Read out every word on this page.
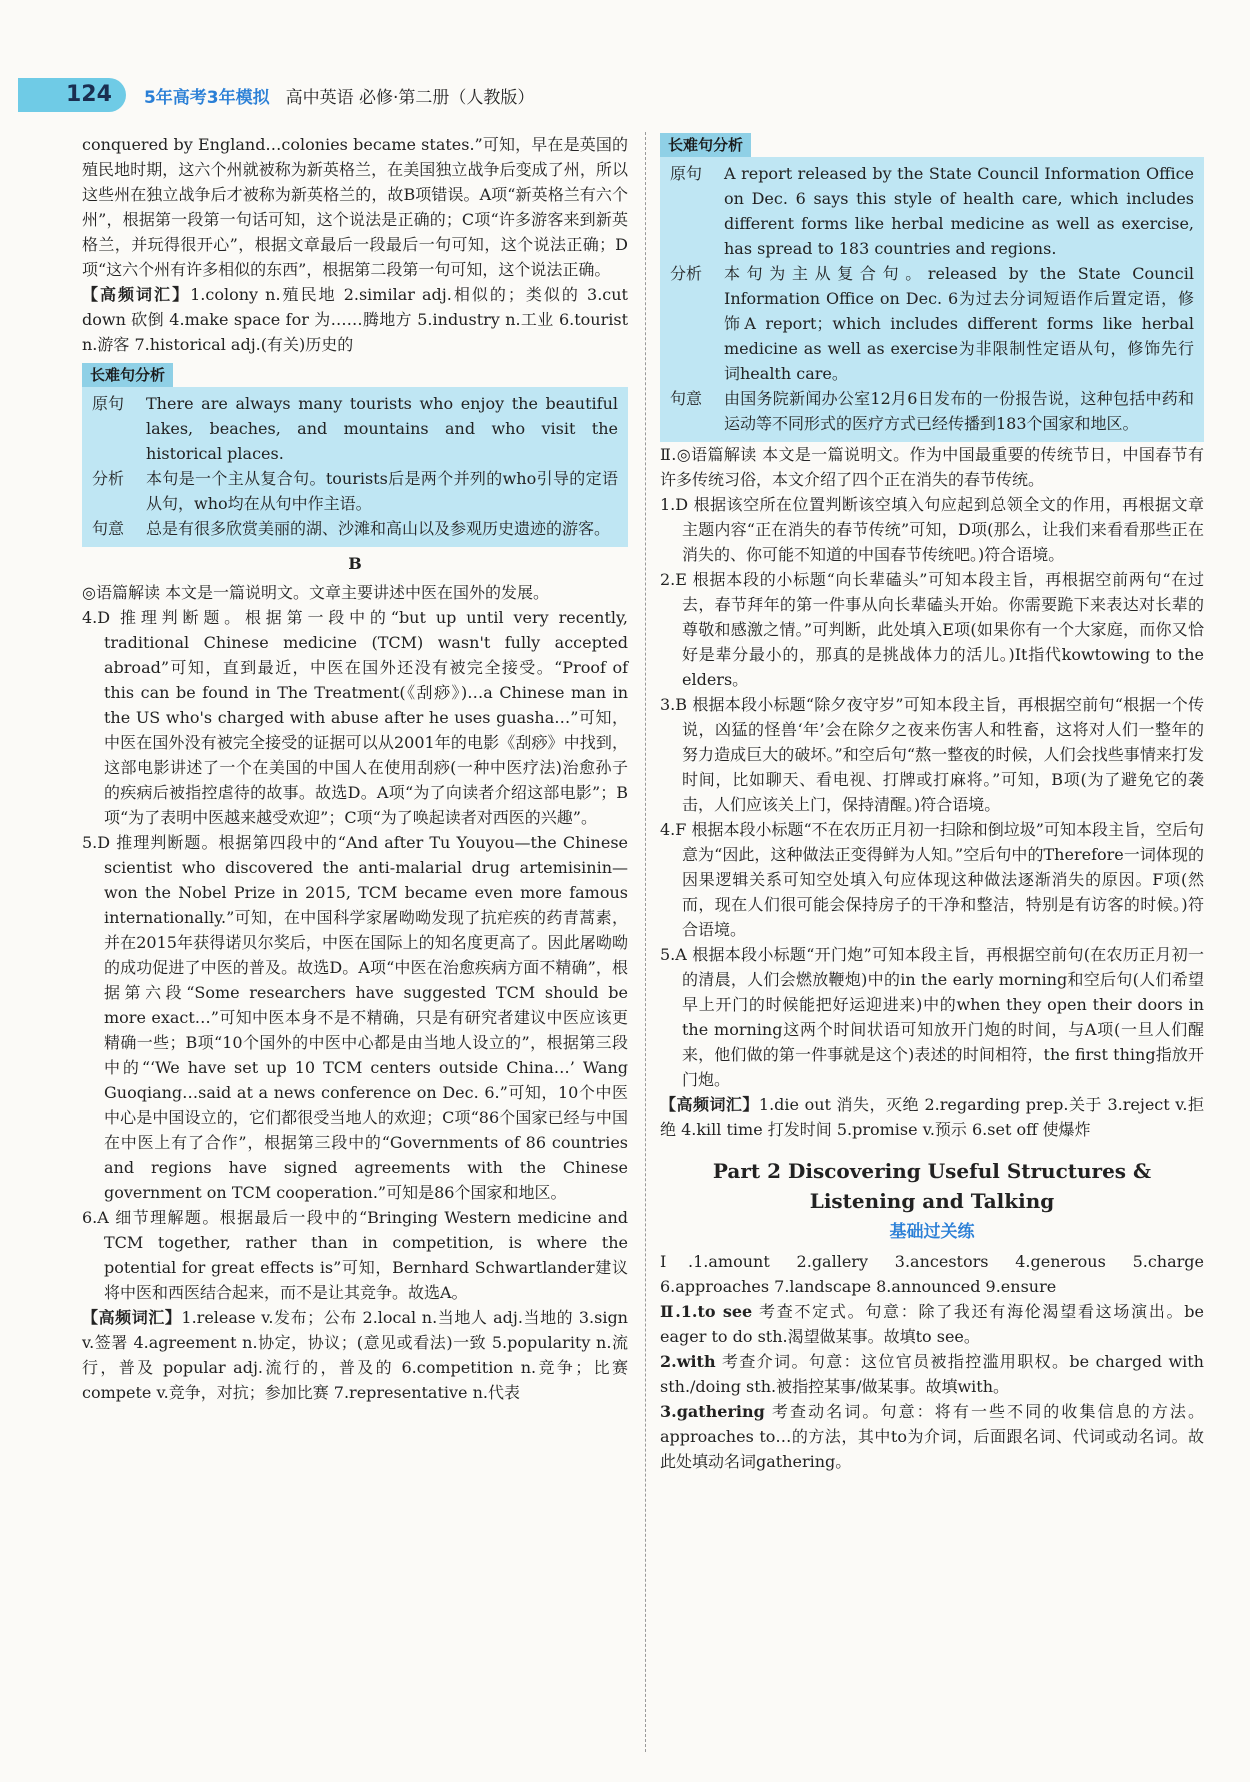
124	5年高考3年模拟 高中英语 必修·第二册（人教版）

conquered by England…colonies became states.”可知，早在是英国的殖民地时期，这六个州就被称为新英格兰，在美国独立战争后变成了州，所以这些州在独立战争后才被称为新英格兰的，故B项错误。A项“新英格兰有六个州”，根据第一段第一句话可知，这个说法是正确的；C项“许多游客来到新英格兰，并玩得很开心”，根据文章最后一段最后一句可知，这个说法正确；D项“这六个州有许多相似的东西”，根据第二段第一句可知，这个说法正确。

【高频词汇】1.colony n.殖民地 2.similar adj.相似的；类似的 3.cut down 砍倒 4.make space for 为……腾地方 5.industry n.工业 6.tourist n.游客 7.historical adj.(有关)历史的

长难句分析
原句	There are always many tourists who enjoy the beautiful lakes, beaches, and mountains and who visit the historical places.
分析	本句是一个主从复合句。tourists后是两个并列的who引导的定语从句，who均在从句中作主语。
句意	总是有很多欣赏美丽的湖、沙滩和高山以及参观历史遗迹的游客。
B

◎语篇解读 本文是一篇说明文。文章主要讲述中医在国外的发展。

4.D 推理判断题。根据第一段中的“but up until very recently, traditional Chinese medicine (TCM) wasn't fully accepted abroad”可知，直到最近，中医在国外还没有被完全接受。“Proof of this can be found in The Treatment(《刮痧》)…a Chinese man in the US who's charged with abuse after he uses guasha…”可知，中医在国外没有被完全接受的证据可以从2001年的电影《刮痧》中找到，这部电影讲述了一个在美国的中国人在使用刮痧(一种中医疗法)治愈孙子的疾病后被指控虐待的故事。故选D。A项“为了向读者介绍这部电影”；B项“为了表明中医越来越受欢迎”；C项“为了唤起读者对西医的兴趣”。

5.D 推理判断题。根据第四段中的“And after Tu Youyou—the Chinese scientist who discovered the anti-malarial drug artemisinin—won the Nobel Prize in 2015, TCM became even more famous internationally.”可知，在中国科学家屠呦呦发现了抗疟疾的药青蒿素，并在2015年获得诺贝尔奖后，中医在国际上的知名度更高了。因此屠呦呦的成功促进了中医的普及。故选D。A项“中医在治愈疾病方面不精确”，根据第六段“Some researchers have suggested TCM should be more exact…”可知中医本身不是不精确，只是有研究者建议中医应该更精确一些；B项“10个国外的中医中心都是由当地人设立的”，根据第三段中的“‘We have set up 10 TCM centers outside China…’ Wang Guoqiang…said at a news conference on Dec. 6.”可知，10个中医中心是中国设立的，它们都很受当地人的欢迎；C项“86个国家已经与中国在中医上有了合作”，根据第三段中的“Governments of 86 countries and regions have signed agreements with the Chinese government on TCM cooperation.”可知是86个国家和地区。

6.A 细节理解题。根据最后一段中的“Bringing Western medicine and TCM together, rather than in competition, is where the potential for great effects is”可知，Bernhard Schwartlander建议将中医和西医结合起来，而不是让其竞争。故选A。

【高频词汇】1.release v.发布；公布 2.local n.当地人 adj.当地的 3.sign v.签署 4.agreement n.协定，协议；(意见或看法)一致 5.popularity n.流行，普及 popular adj.流行的，普及的 6.competition n.竞争；比赛 compete v.竞争，对抗；参加比赛 7.representative n.代表

长难句分析
原句	A report released by the State Council Information Office on Dec. 6 says this style of health care, which includes different forms like herbal medicine as well as exercise, has spread to 183 countries and regions.
分析	本句为主从复合句。released by the State Council Information Office on Dec. 6为过去分词短语作后置定语，修饰A report；which includes different forms like herbal medicine as well as exercise为非限制性定语从句，修饰先行词health care。
句意	由国务院新闻办公室12月6日发布的一份报告说，这种包括中药和运动等不同形式的医疗方式已经传播到183个国家和地区。

Ⅱ.◎语篇解读 本文是一篇说明文。作为中国最重要的传统节日，中国春节有许多传统习俗，本文介绍了四个正在消失的春节传统。

1.D 根据该空所在位置判断该空填入句应起到总领全文的作用，再根据文章主题内容“正在消失的春节传统”可知，D项(那么，让我们来看看那些正在消失的、你可能不知道的中国春节传统吧。)符合语境。

2.E 根据本段的小标题“向长辈磕头”可知本段主旨，再根据空前两句“在过去，春节拜年的第一件事从向长辈磕头开始。你需要跪下来表达对长辈的尊敬和感激之情。”可判断，此处填入E项(如果你有一个大家庭，而你又恰好是辈分最小的，那真的是挑战体力的活儿。)It指代kowtowing to the elders。

3.B 根据本段小标题“除夕夜守岁”可知本段主旨，再根据空前句“根据一个传说，凶猛的怪兽‘年’会在除夕之夜来伤害人和牲畜，这将对人们一整年的努力造成巨大的破坏。”和空后句“熬一整夜的时候，人们会找些事情来打发时间，比如聊天、看电视、打牌或打麻将。”可知，B项(为了避免它的袭击，人们应该关上门，保持清醒。)符合语境。

4.F 根据本段小标题“不在农历正月初一扫除和倒垃圾”可知本段主旨，空后句意为“因此，这种做法正变得鲜为人知。”空后句中的Therefore一词体现的因果逻辑关系可知空处填入句应体现这种做法逐渐消失的原因。F项(然而，现在人们很可能会保持房子的干净和整洁，特别是有访客的时候。)符合语境。

5.A 根据本段小标题“开门炮”可知本段主旨，再根据空前句(在农历正月初一的清晨，人们会燃放鞭炮)中的in the early morning和空后句(人们希望早上开门的时候能把好运迎进来)中的when they open their doors in the morning这两个时间状语可知放开门炮的时间，与A项(一旦人们醒来，他们做的第一件事就是这个)表述的时间相符，the first thing指放开门炮。

【高频词汇】1.die out 消失，灭绝 2.regarding prep.关于 3.reject v.拒绝 4.kill time 打发时间 5.promise v.预示 6.set off 使爆炸

Part 2 Discovering Useful Structures &
Listening and Talking
基础过关练

Ⅰ.1.amount 2.gallery 3.ancestors 4.generous 5.charge 6.approaches 7.landscape 8.announced 9.ensure

Ⅱ.1.to see 考查不定式。句意：除了我还有海伦渴望看这场演出。be eager to do sth.渴望做某事。故填to see。

2.with 考查介词。句意：这位官员被指控滥用职权。be charged with sth./doing sth.被指控某事/做某事。故填with。

3.gathering 考查动名词。句意：将有一些不同的收集信息的方法。approaches to…的方法，其中to为介词，后面跟名词、代词或动名词。故此处填动名词gathering。
